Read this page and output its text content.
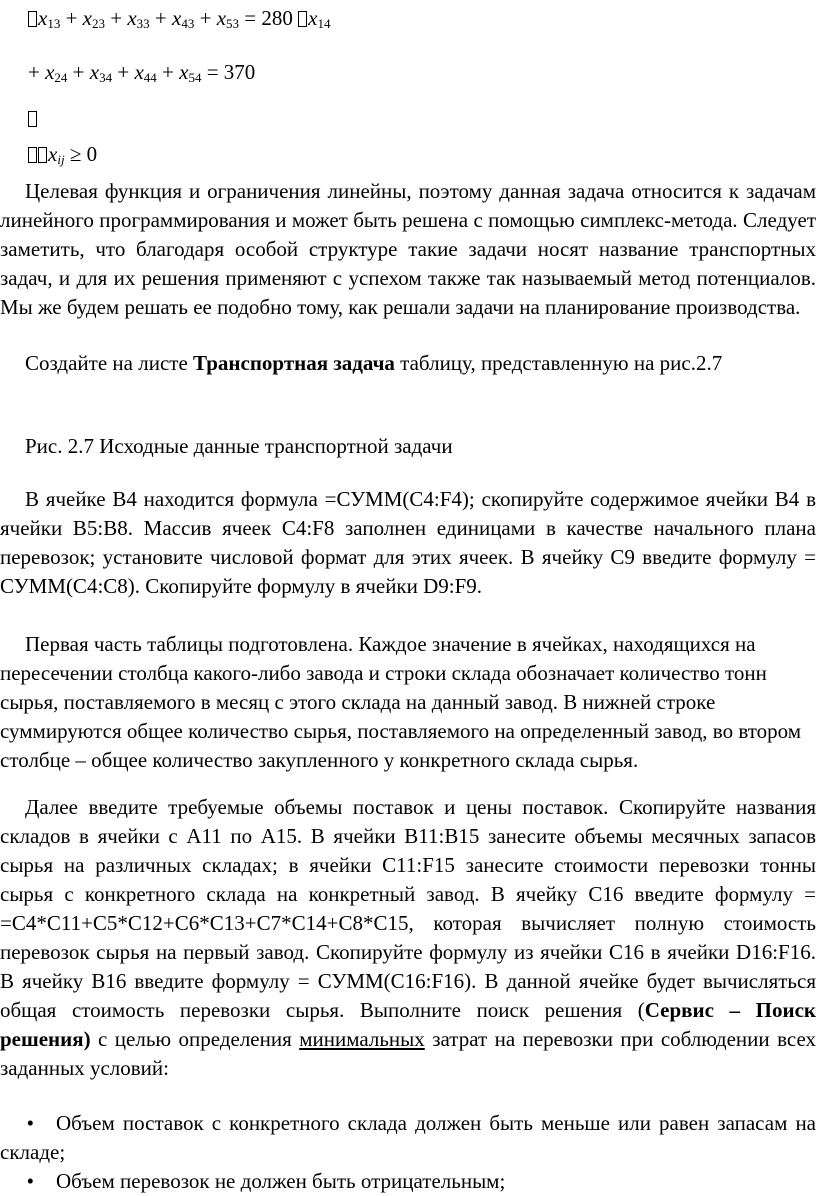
$x_{13} + x_{23} + x_{33} + x_{43} + x_{53} = 280$ $x_{14}$
+ $x_{24} + x_{34} + x_{44} + x_{54} = 370$
$x_{ij} \ge 0$
Целевая функция и ограничения линейны, поэтому данная задача относится к задачам линейного программирования и может быть решена с помощью симплекс-метода. Следует заметить, что благодаря особой структуре такие задачи носят название транспортных задач, и для их решения применяют с успехом также так называемый метод потенциалов. Мы же будем решать ее подобно тому, как решали задачи на планирование производства.
Создайте на листе Транспортная задача таблицу, представленную на рис.2.7
Рис. 2.7 Исходные данные транспортной задачи
В ячейке В4 находится формула =СУММ(С4:F4); скопируйте содержимое ячейки В4 в ячейки В5:В8. Массив ячеек С4:F8 заполнен единицами в качестве начального плана перевозок; установите числовой формат для этих ячеек. В ячейку С9 введите формулу = СУММ(С4:С8). Скопируйте формулу в ячейки D9:F9.
Первая часть таблицы подготовлена. Каждое значение в ячейках, находящихся на пересечении столбца какого-либо завода и строки склада обозначает количество тонн сырья, поставляемого в месяц с этого склада на данный завод. В нижней строке суммируются общее количество сырья, поставляемого на определенный завод, во втором столбце – общее количество закупленного у конкретного склада сырья.
Далее введите требуемые объемы поставок и цены поставок. Скопируйте названия складов в ячейки с А11 по А15. В ячейки В11:В15 занесите объемы месячных запасов сырья на различных складах; в ячейки С11:F15 занесите стоимости перевозки тонны сырья с конкретного склада на конкретный завод. В ячейку С16 введите формулу = =С4*С11+С5*С12+С6*С13+С7*С14+С8*С15, которая вычисляет полную стоимость перевозок сырья на первый завод. Скопируйте формулу из ячейки С16 в ячейки D16:F16. В ячейку В16 введите формулу = СУММ(С16:F16). В данной ячейке будет вычисляться общая стоимость перевозки сырья. Выполните поиск решения (Сервис – Поиск решения) с целью определения минимальных затрат на перевозки при соблюдении всех заданных условий:
• Объем поставок с конкретного склада должен быть меньше или равен запасам на складе;
• Объем перевозок не должен быть отрицательным;
